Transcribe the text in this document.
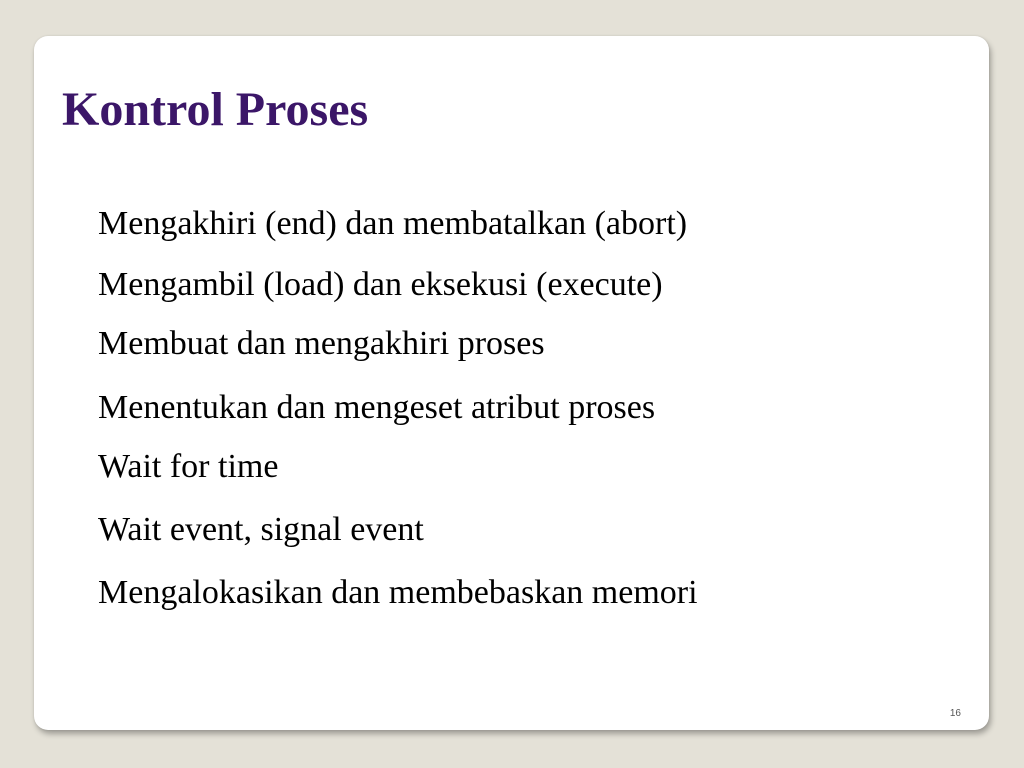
Kontrol Proses
Mengakhiri (end) dan membatalkan (abort)
Mengambil (load) dan eksekusi (execute)
Membuat dan mengakhiri proses
Menentukan dan mengeset atribut proses
Wait for time
Wait event, signal event
Mengalokasikan dan membebaskan memori
16
